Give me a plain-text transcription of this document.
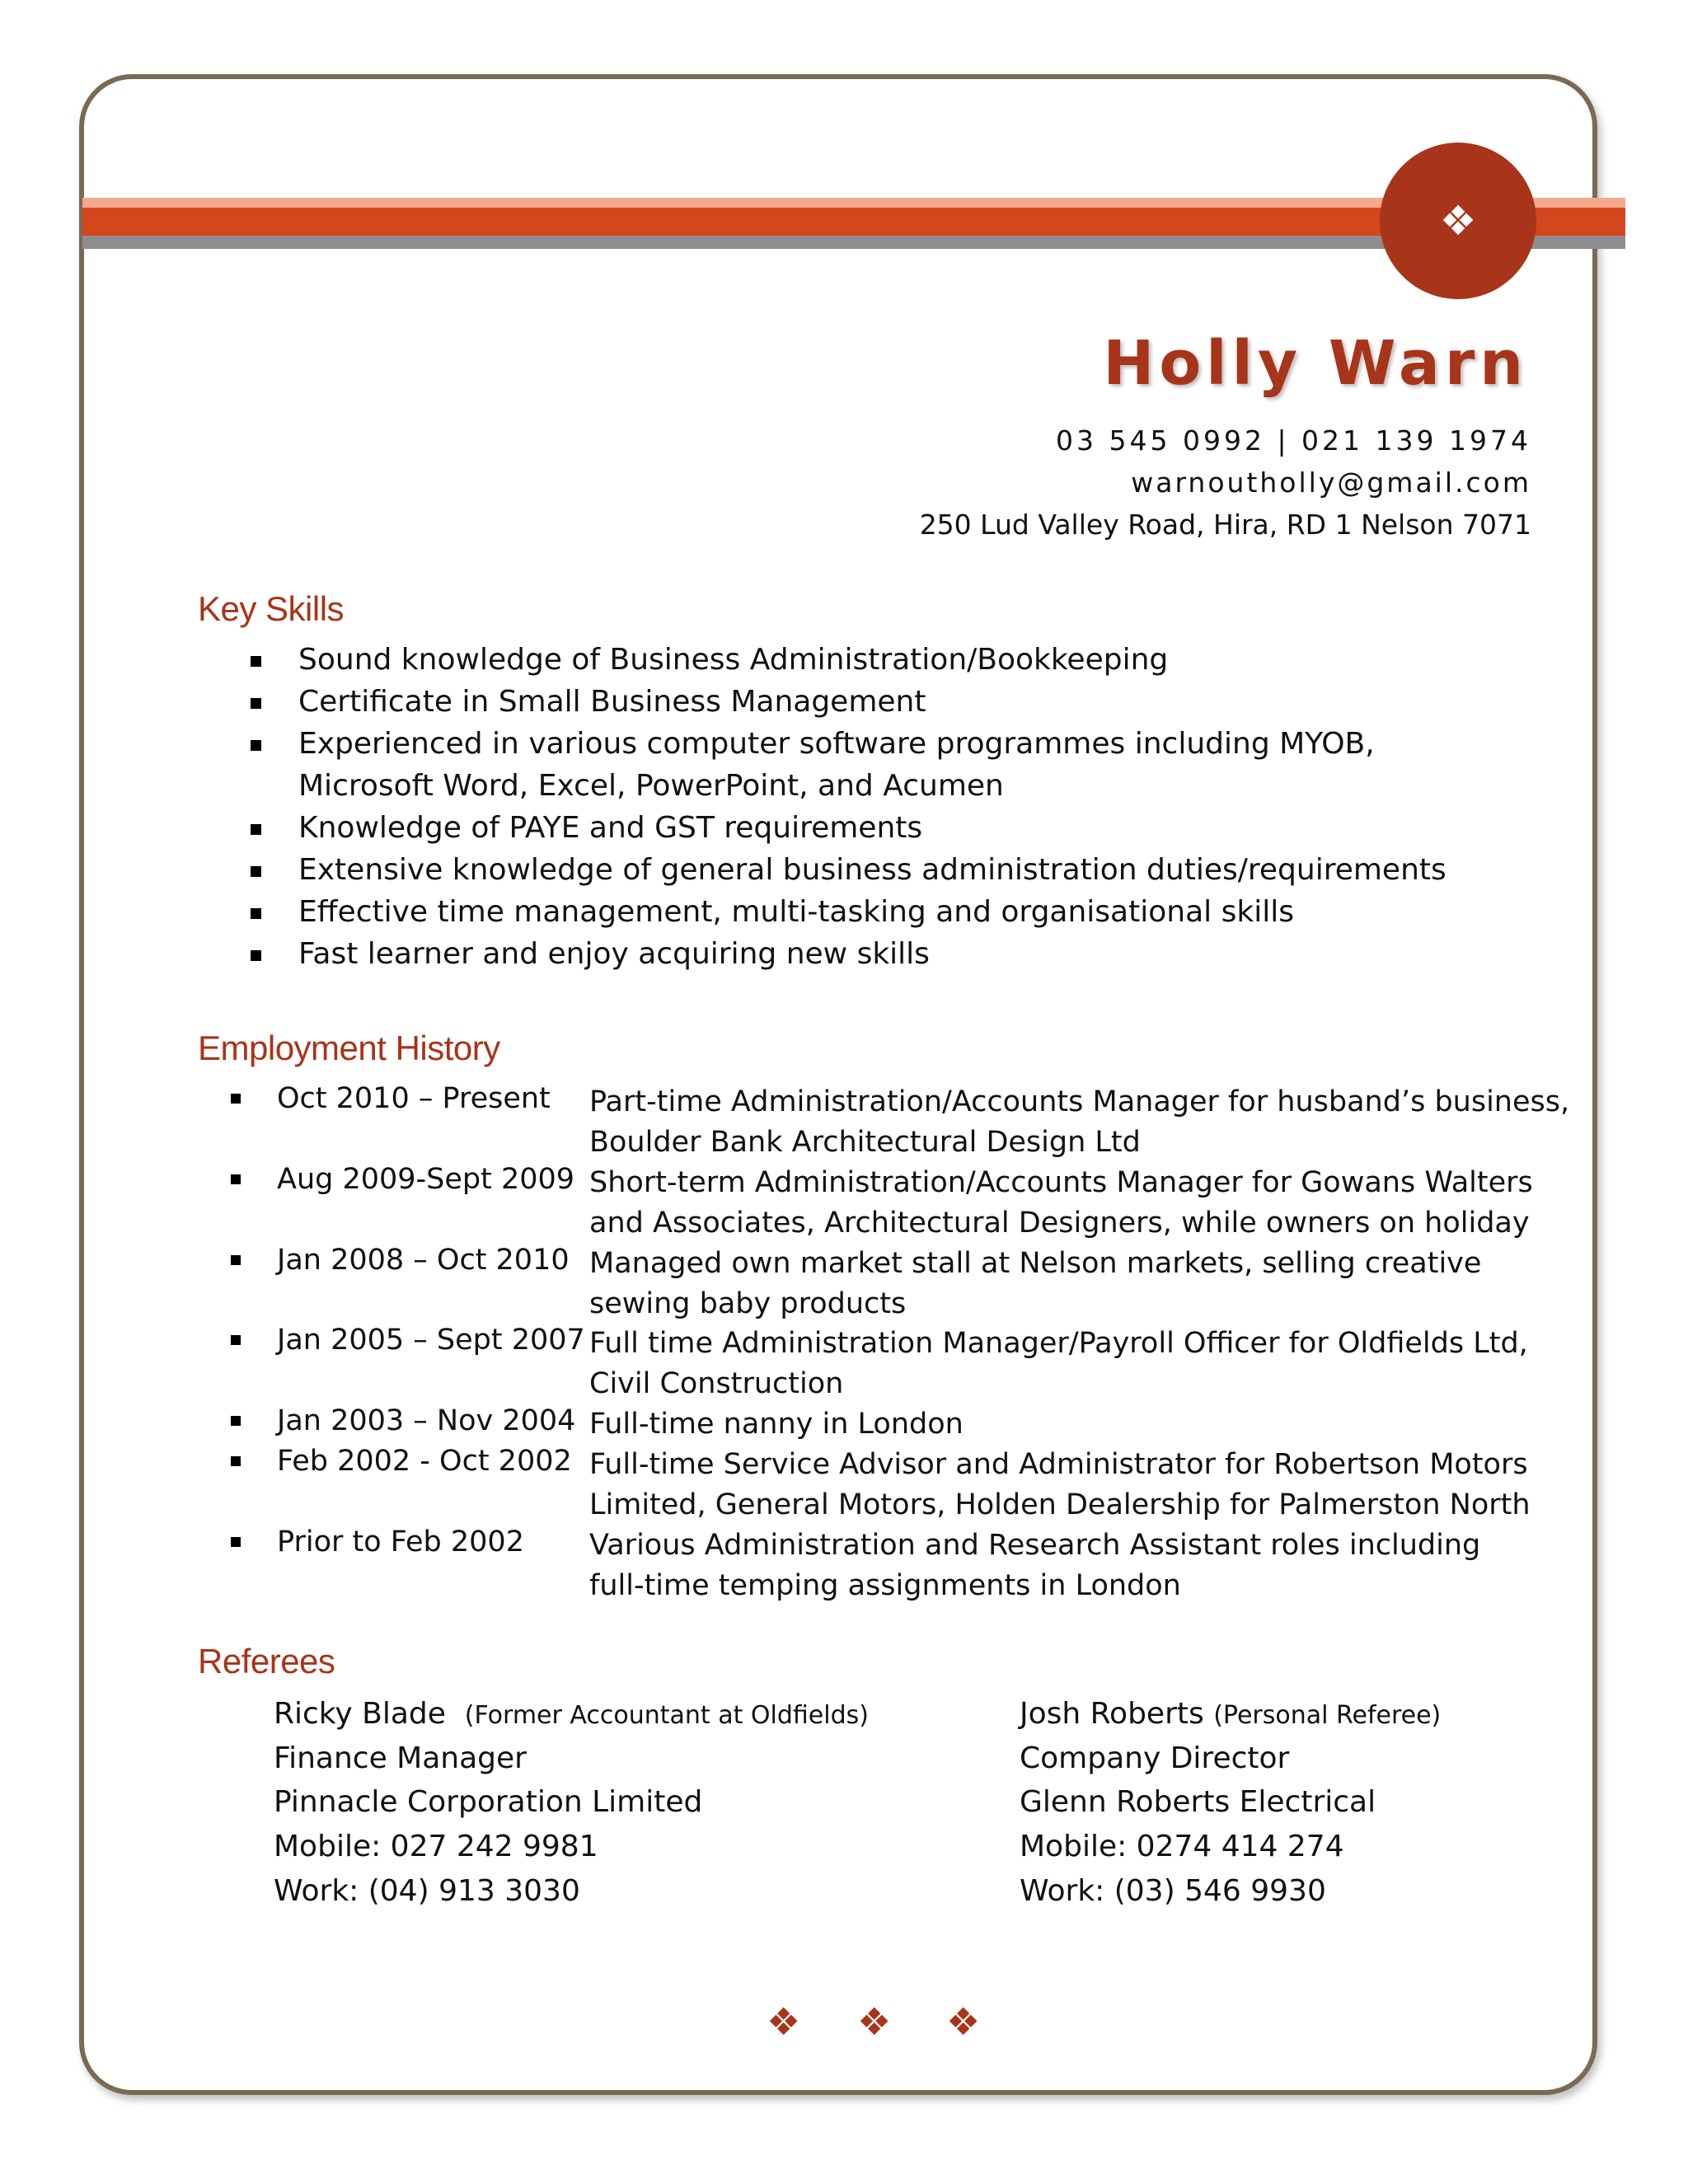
❖
Holly Warn
03 545 0992 | 021 139 1974
warnoutholly@gmail.com
250 Lud Valley Road, Hira, RD 1 Nelson 7071
Key Skills
Sound knowledge of Business Administration/Bookkeeping
Certificate in Small Business Management
Experienced in various computer software programmes including MYOB,
Microsoft Word, Excel, PowerPoint, and Acumen
Knowledge of PAYE and GST requirements
Extensive knowledge of general business administration duties/requirements
Effective time management, multi-tasking and organisational skills
Fast learner and enjoy acquiring new skills
Employment History
Oct 2010 – Present Part-time Administration/Accounts Manager for husband’s business,
Boulder Bank Architectural Design Ltd
Aug 2009-Sept 2009 Short-term Administration/Accounts Manager for Gowans Walters
and Associates, Architectural Designers, while owners on holiday
Jan 2008 – Oct 2010 Managed own market stall at Nelson markets, selling creative
sewing baby products
Jan 2005 – Sept 2007 Full time Administration Manager/Payroll Officer for Oldfields Ltd,
Civil Construction
Jan 2003 – Nov 2004 Full-time nanny in London
Feb 2002 - Oct 2002 Full-time Service Advisor and Administrator for Robertson Motors
Limited, General Motors, Holden Dealership for Palmerston North
Prior to Feb 2002 Various Administration and Research Assistant roles including
full-time temping assignments in London
Referees
Ricky Blade (Former Accountant at Oldfields)
Finance Manager
Pinnacle Corporation Limited
Mobile: 027 242 9981
Work: (04) 913 3030
Josh Roberts (Personal Referee)
Company Director
Glenn Roberts Electrical
Mobile: 0274 414 274
Work: (03) 546 9930
❖ ❖ ❖
